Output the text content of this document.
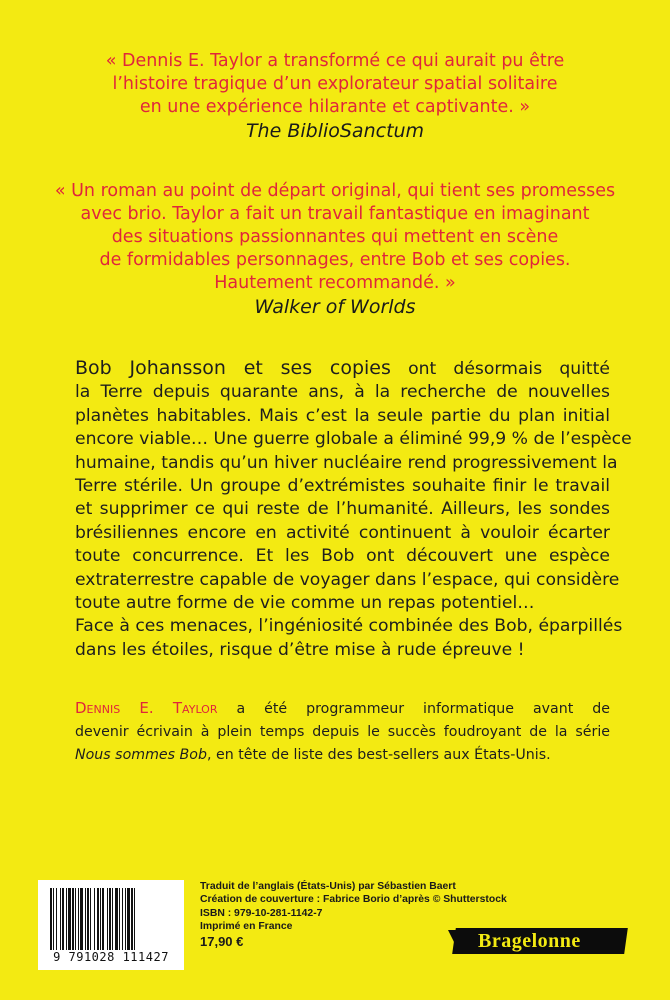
« Dennis E. Taylor a transformé ce qui aurait pu être
l’histoire tragique d’un explorateur spatial solitaire
en une expérience hilarante et captivante. »
The BiblioSanctum
« Un roman au point de départ original, qui tient ses promesses
avec brio. Taylor a fait un travail fantastique en imaginant
des situations passionnantes qui mettent en scène
de formidables personnages, entre Bob et ses copies.
Hautement recommandé. »
Walker of Worlds
Bob Johansson et ses copies ont désormais quitté
la Terre depuis quarante ans, à la recherche de nouvelles
planètes habitables. Mais c’est la seule partie du plan initial
encore viable… Une guerre globale a éliminé 99,9 % de l’espèce
humaine, tandis qu’un hiver nucléaire rend progressivement la
Terre stérile. Un groupe d’extrémistes souhaite finir le travail
et supprimer ce qui reste de l’humanité. Ailleurs, les sondes
brésiliennes encore en activité continuent à vouloir écarter
toute concurrence. Et les Bob ont découvert une espèce
extraterrestre capable de voyager dans l’espace, qui considère
toute autre forme de vie comme un repas potentiel…
Face à ces menaces, l’ingéniosité combinée des Bob, éparpillés
dans les étoiles, risque d’être mise à rude épreuve !
Dennis E. Taylor a été programmeur informatique avant de
devenir écrivain à plein temps depuis le succès foudroyant de la série
Nous sommes Bob, en tête de liste des best-sellers aux États-Unis.
9 791028 111427
Traduit de l’anglais (États-Unis) par Sébastien Baert
Création de couverture : Fabrice Borio d’après © Shutterstock
ISBN : 979-10-281-1142-7
Imprimé en France
17,90 €	Bragelonne
